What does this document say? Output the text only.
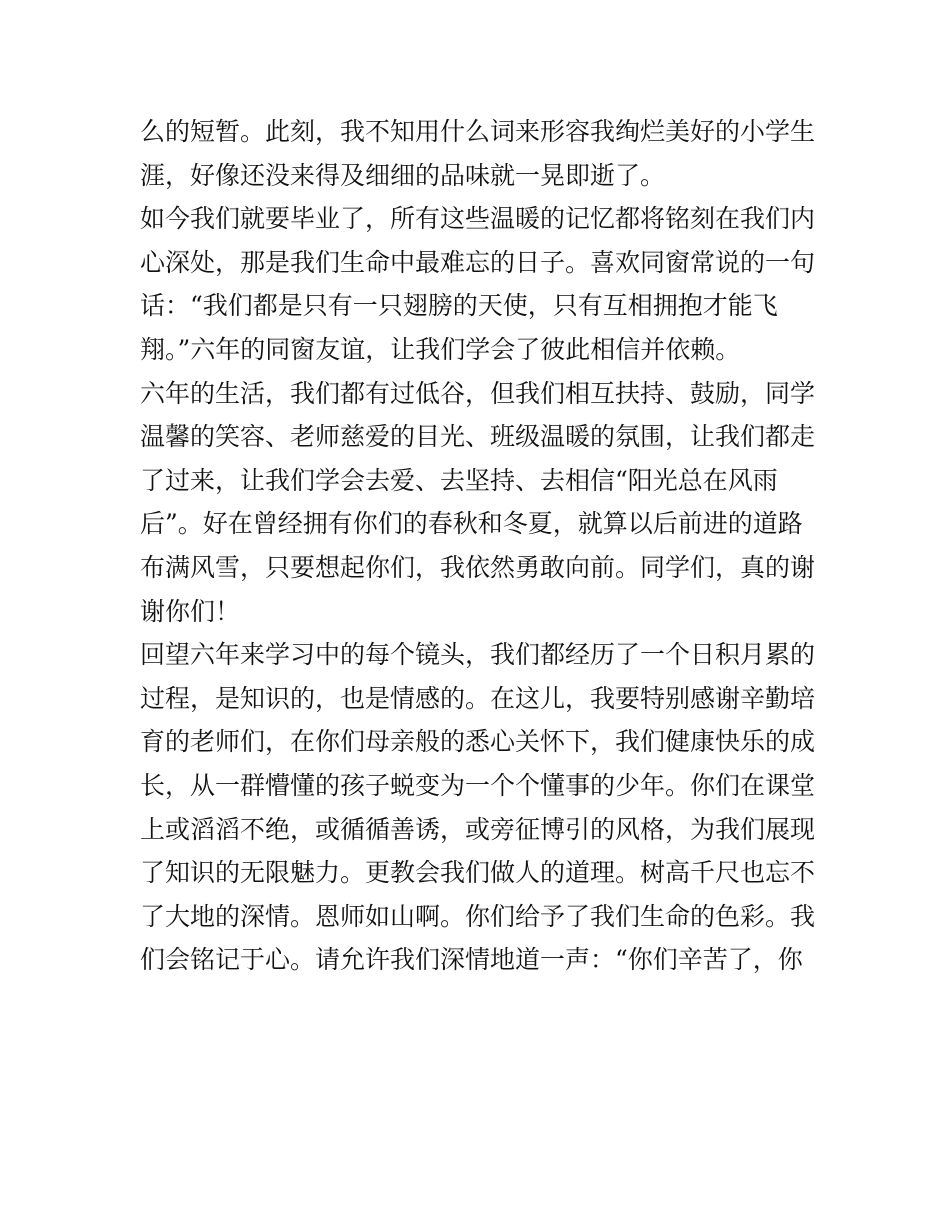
么的短暂。此刻，我不知用什么词来形容我绚烂美好的小学生
涯，好像还没来得及细细的品味就一晃即逝了。
如今我们就要毕业了，所有这些温暖的记忆都将铭刻在我们内
心深处，那是我们生命中最难忘的日子。喜欢同窗常说的一句
话：“我们都是只有一只翅膀的天使，只有互相拥抱才能飞
翔。”六年的同窗友谊，让我们学会了彼此相信并依赖。
六年的生活，我们都有过低谷，但我们相互扶持、鼓励，同学
温馨的笑容、老师慈爱的目光、班级温暖的氛围，让我们都走
了过来，让我们学会去爱、去坚持、去相信“阳光总在风雨
后”。好在曾经拥有你们的春秋和冬夏，就算以后前进的道路
布满风雪，只要想起你们，我依然勇敢向前。同学们，真的谢
谢你们！
回望六年来学习中的每个镜头，我们都经历了一个日积月累的
过程，是知识的，也是情感的。在这儿，我要特别感谢辛勤培
育的老师们，在你们母亲般的悉心关怀下，我们健康快乐的成
长，从一群懵懂的孩子蜕变为一个个懂事的少年。你们在课堂
上或滔滔不绝，或循循善诱，或旁征博引的风格，为我们展现
了知识的无限魅力。更教会我们做人的道理。树高千尺也忘不
了大地的深情。恩师如山啊。你们给予了我们生命的色彩。我
们会铭记于心。请允许我们深情地道一声：“你们辛苦了，你
